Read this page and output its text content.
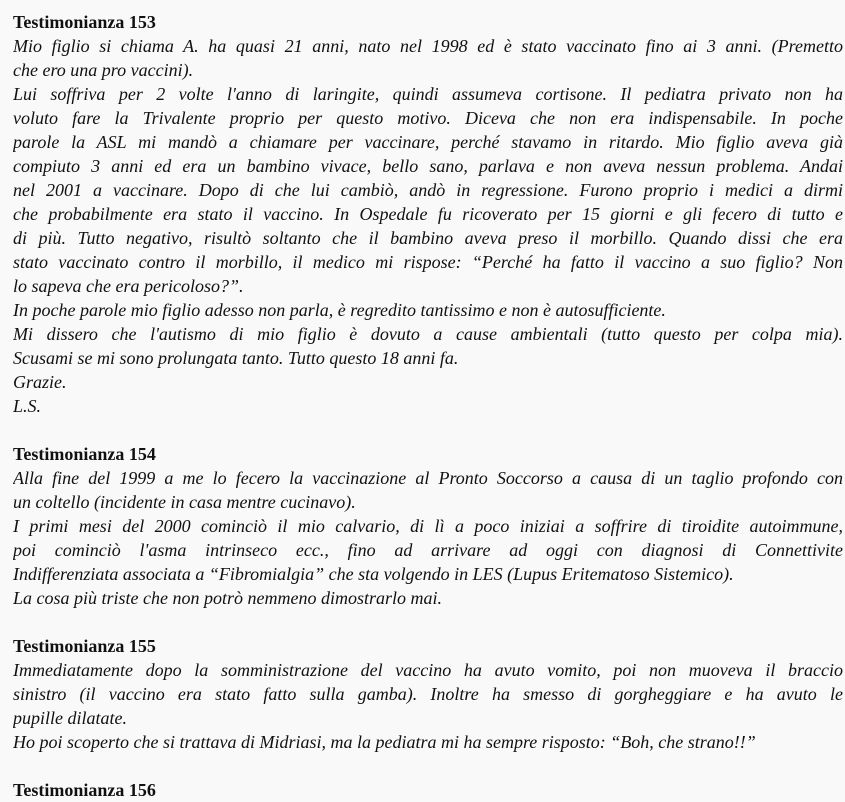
Testimonianza 153
Mio figlio si chiama A. ha quasi 21 anni, nato nel 1998 ed è stato vaccinato fino ai 3 anni. (Premetto
che ero una pro vaccini).
Lui soffriva per 2 volte l'anno di laringite, quindi assumeva cortisone. Il pediatra privato non ha
voluto fare la Trivalente proprio per questo motivo. Diceva che non era indispensabile. In poche
parole la ASL mi mandò a chiamare per vaccinare, perché stavamo in ritardo. Mio figlio aveva già
compiuto 3 anni ed era un bambino vivace, bello sano, parlava e non aveva nessun problema. Andai
nel 2001 a vaccinare. Dopo di che lui cambiò, andò in regressione. Furono proprio i medici a dirmi
che probabilmente era stato il vaccino. In Ospedale fu ricoverato per 15 giorni e gli fecero di tutto e
di più. Tutto negativo, risultò soltanto che il bambino aveva preso il morbillo. Quando dissi che era
stato vaccinato contro il morbillo, il medico mi rispose: “Perché ha fatto il vaccino a suo figlio? Non
lo sapeva che era pericoloso?”.
In poche parole mio figlio adesso non parla, è regredito tantissimo e non è autosufficiente.
Mi dissero che l'autismo di mio figlio è dovuto a cause ambientali (tutto questo per colpa mia).
Scusami se mi sono prolungata tanto. Tutto questo 18 anni fa.
Grazie.
L.S.
Testimonianza 154
Alla fine del 1999 a me lo fecero la vaccinazione al Pronto Soccorso a causa di un taglio profondo con
un coltello (incidente in casa mentre cucinavo).
I primi mesi del 2000 cominciò il mio calvario, di lì a poco iniziai a soffrire di tiroidite autoimmune,
poi cominciò l'asma intrinseco ecc., fino ad arrivare ad oggi con diagnosi di Connettivite
Indifferenziata associata a “Fibromialgia” che sta volgendo in LES (Lupus Eritematoso Sistemico).
La cosa più triste che non potrò nemmeno dimostrarlo mai.
Testimonianza 155
Immediatamente dopo la somministrazione del vaccino ha avuto vomito, poi non muoveva il braccio
sinistro (il vaccino era stato fatto sulla gamba). Inoltre ha smesso di gorgheggiare e ha avuto le
pupille dilatate.
Ho poi scoperto che si trattava di Midriasi, ma la pediatra mi ha sempre risposto: “Boh, che strano!!”
Testimonianza 156
